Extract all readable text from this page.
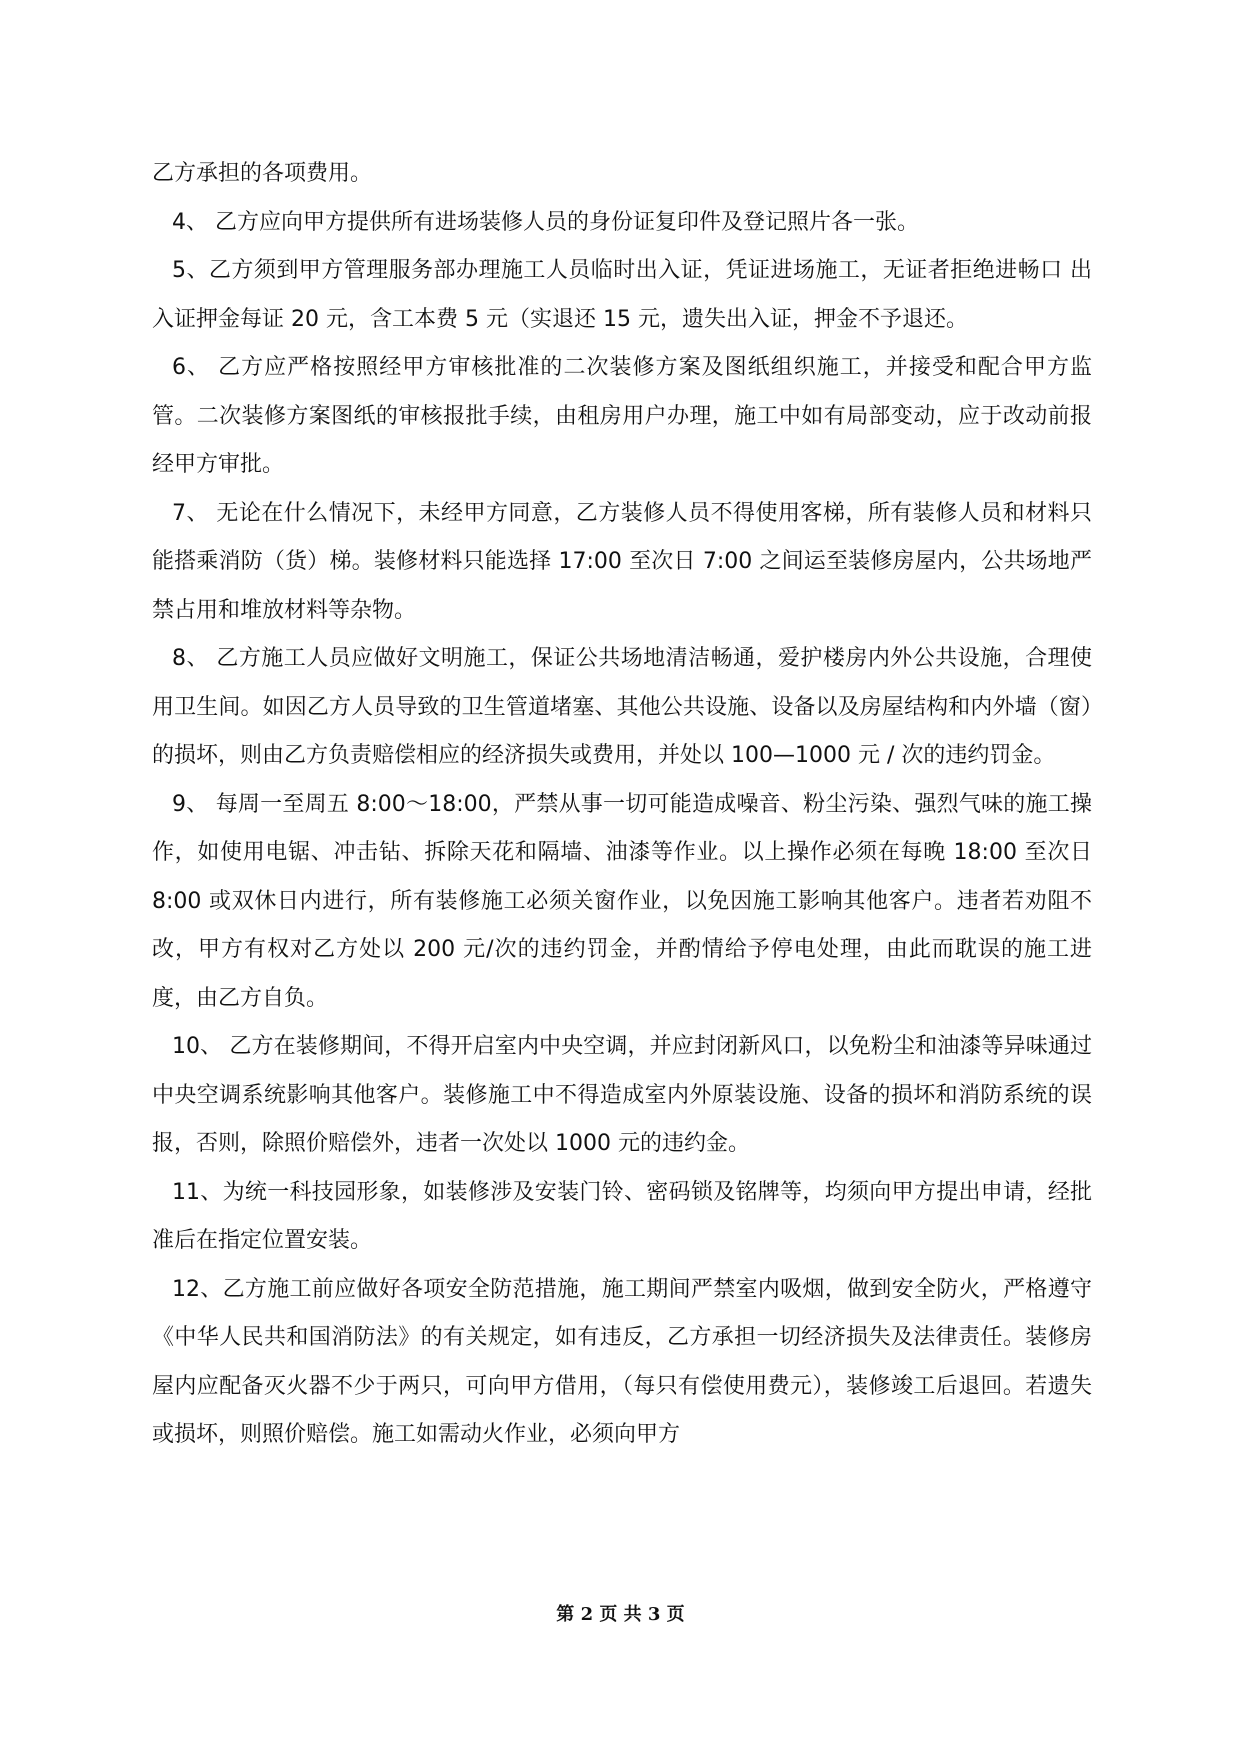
乙方承担的各项费用。

4、 乙方应向甲方提供所有进场装修人员的身份证复印件及登记照片各一张。

5、乙方须到甲方管理服务部办理施工人员临时出入证，凭证进场施工，无证者拒绝进畅口 出入证押金每证 20 元，含工本费 5 元（实退还 15 元，遗失出入证，押金不予退还。

6、 乙方应严格按照经甲方审核批准的二次装修方案及图纸组织施工，并接受和配合甲方监管。二次装修方案图纸的审核报批手续，由租房用户办理，施工中如有局部变动，应于改动前报经甲方审批。

7、 无论在什么情况下，未经甲方同意，乙方装修人员不得使用客梯，所有装修人员和材料只能搭乘消防（货）梯。装修材料只能选择 17:00 至次日 7:00 之间运至装修房屋内，公共场地严禁占用和堆放材料等杂物。

8、 乙方施工人员应做好文明施工，保证公共场地清洁畅通，爱护楼房内外公共设施，合理使用卫生间。如因乙方人员导致的卫生管道堵塞、其他公共设施、设备以及房屋结构和内外墙（窗）的损坏，则由乙方负责赔偿相应的经济损失或费用，并处以 100—1000 元 / 次的违约罚金。

9、 每周一至周五 8:00～18:00，严禁从事一切可能造成噪音、粉尘污染、强烈气味的施工操作，如使用电锯、冲击钻、拆除天花和隔墙、油漆等作业。以上操作必须在每晚 18:00 至次日 8:00 或双休日内进行，所有装修施工必须关窗作业，以免因施工影响其他客户。违者若劝阻不改，甲方有权对乙方处以 200 元/次的违约罚金，并酌情给予停电处理，由此而耽误的施工进度，由乙方自负。

10、 乙方在装修期间，不得开启室内中央空调，并应封闭新风口，以免粉尘和油漆等异味通过中央空调系统影响其他客户。装修施工中不得造成室内外原装设施、设备的损坏和消防系统的误报，否则，除照价赔偿外，违者一次处以 1000 元的违约金。

11、为统一科技园形象，如装修涉及安装门铃、密码锁及铭牌等，均须向甲方提出申请，经批准后在指定位置安装。

12、乙方施工前应做好各项安全防范措施，施工期间严禁室内吸烟，做到安全防火，严格遵守《中华人民共和国消防法》的有关规定，如有违反，乙方承担一切经济损失及法律责任。装修房屋内应配备灭火器不少于两只，可向甲方借用，（每只有偿使用费元），装修竣工后退回。若遗失或损坏，则照价赔偿。施工如需动火作业，必须向甲方

第 2 页 共 3 页
